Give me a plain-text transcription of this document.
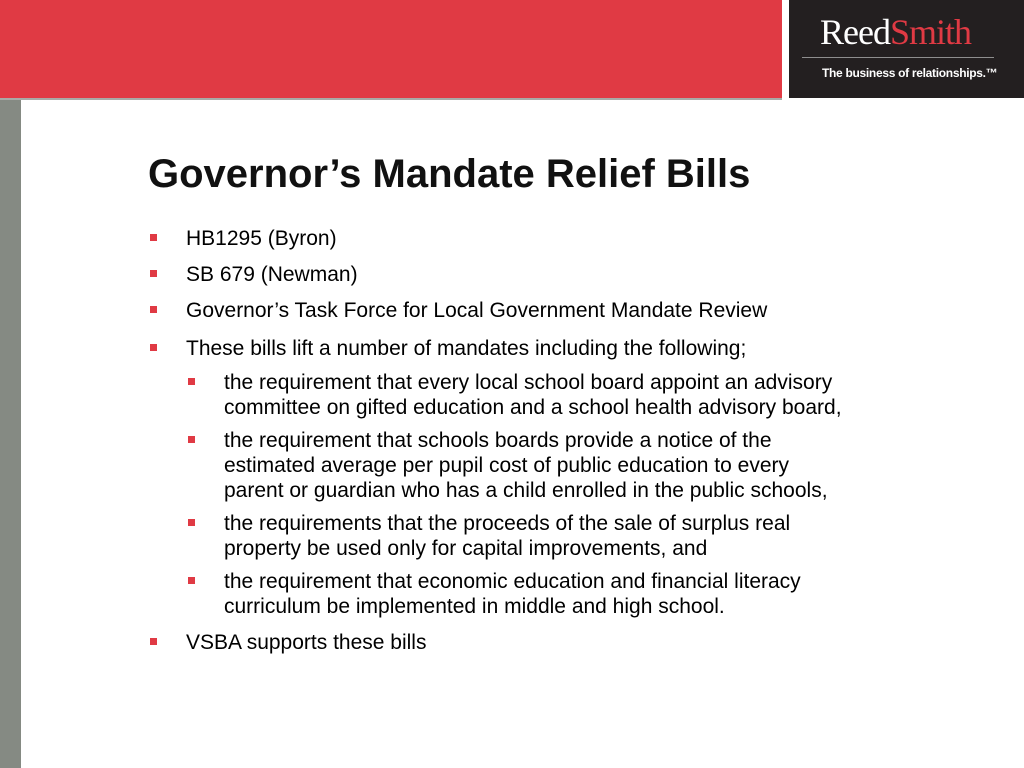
ReedSmith

The business of relationships.™

Governor’s Mandate Relief Bills

HB1295 (Byron)

SB 679 (Newman)

Governor’s Task Force for Local Government Mandate Review

These bills lift a number of mandates including the following;

the requirement that every local school board appoint an advisory

committee on gifted education and a school health advisory board,

the requirement that schools boards provide a notice of the

estimated average per pupil cost of public education to every

parent or guardian who has a child enrolled in the public schools,

the requirements that the proceeds of the sale of surplus real

property be used only for capital improvements, and

the requirement that economic education and financial literacy

curriculum be implemented in middle and high school.

VSBA supports these bills
